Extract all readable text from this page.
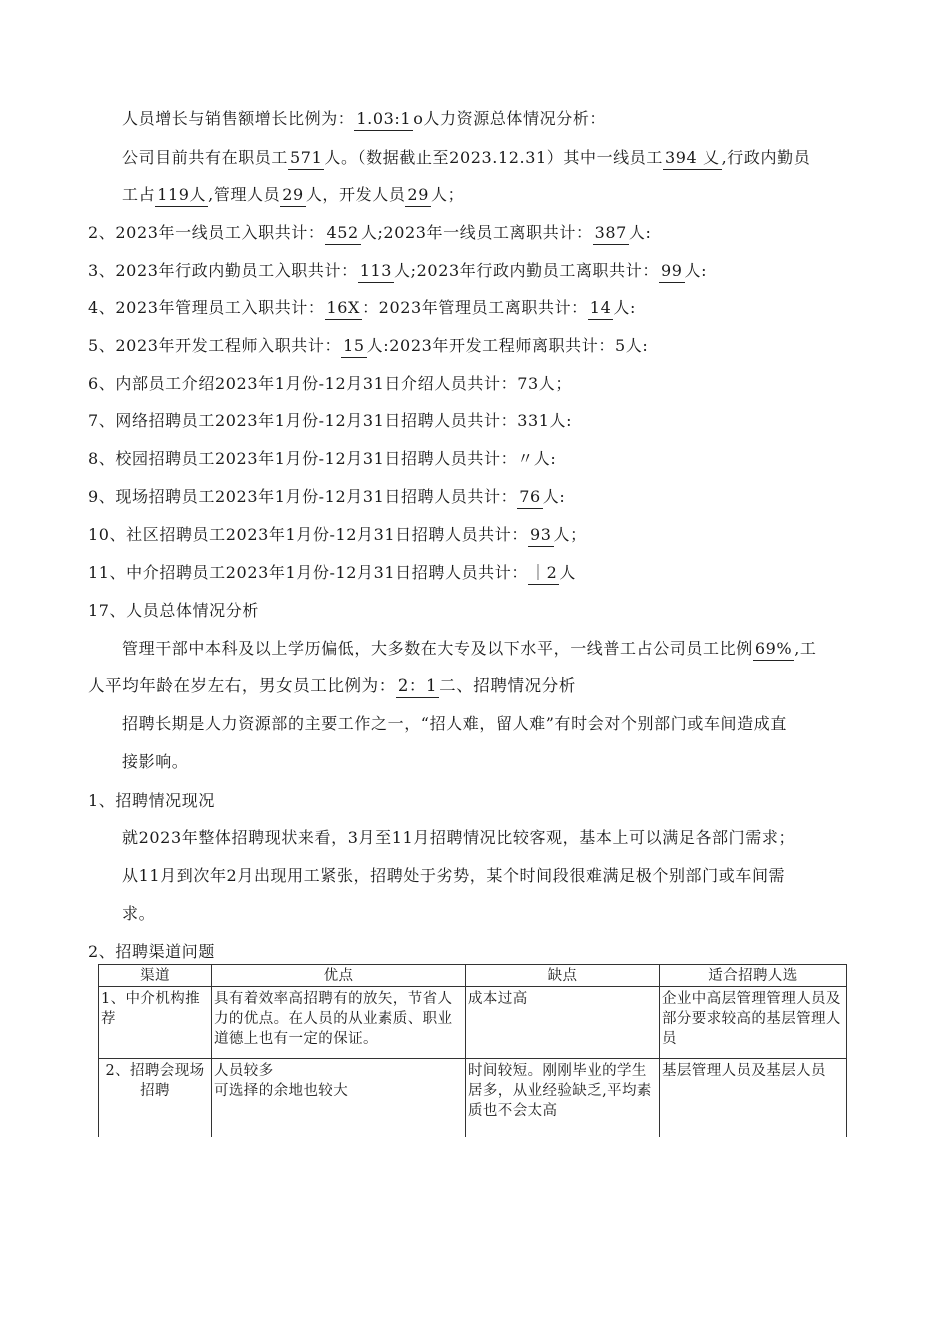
人员增长与销售额增长比例为： 1.03:1 o人力资源总体情况分析：
公司目前共有在职员工 571 人。（数据截止至2023.12.31）其中一线员工 394 乂 ,行政内勤员
工占 119人 ,管理人员 29 人，开发人员 29 人；
2、2023年一线员工入职共计： 452 人;2023年一线员工离职共计： 387 人:
3、2023年行政内勤员工入职共计： 113 人;2023年行政内勤员工离职共计： 99 人:
4、2023年管理员工入职共计： 16X ：2023年管理员工离职共计： 14 人:
5、2023年开发工程师入职共计： 15 人:2023年开发工程师离职共计：5人:
6、内部员工介绍2023年1月份-12月31日介绍人员共计：73人；
7、网络招聘员工2023年1月份-12月31日招聘人员共计：331人:
8、校园招聘员工2023年1月份-12月31日招聘人员共计：〃人:
9、现场招聘员工2023年1月份-12月31日招聘人员共计： 76 人:
10、社区招聘员工2023年1月份-12月31日招聘人员共计： 93 人；
11、中介招聘员工2023年1月份-12月31日招聘人员共计： ｜2 人
17、人员总体情况分析
管理干部中本科及以上学历偏低，大多数在大专及以下水平，一线普工占公司员工比例 69% ,工
人平均年龄在岁左右，男女员工比例为： 2：1 二、招聘情况分析
招聘长期是人力资源部的主要工作之一，“招人难，留人难”有时会对个别部门或车间造成直
接影响。
1、招聘情况现况
就2023年整体招聘现状来看，3月至11月招聘情况比较客观，基本上可以满足各部门需求；
从11月到次年2月出现用工紧张，招聘处于劣势，某个时间段很难满足极个别部门或车间需
求。
2、招聘渠道问题
渠道	优点	缺点	适合招聘人选
1、中介机构推荐	具有着效率高招聘有的放矢，节省人力的优点。在人员的从业素质、职业道德上也有一定的保证。	成本过高	企业中高层管理管理人员及部分要求较高的基层管理人员
2、招聘会现场招聘	人员较多
可选择的余地也较大	时间较短。刚刚毕业的学生居多，从业经验缺乏,平均素质也不会太高	基层管理人员及基层人员
